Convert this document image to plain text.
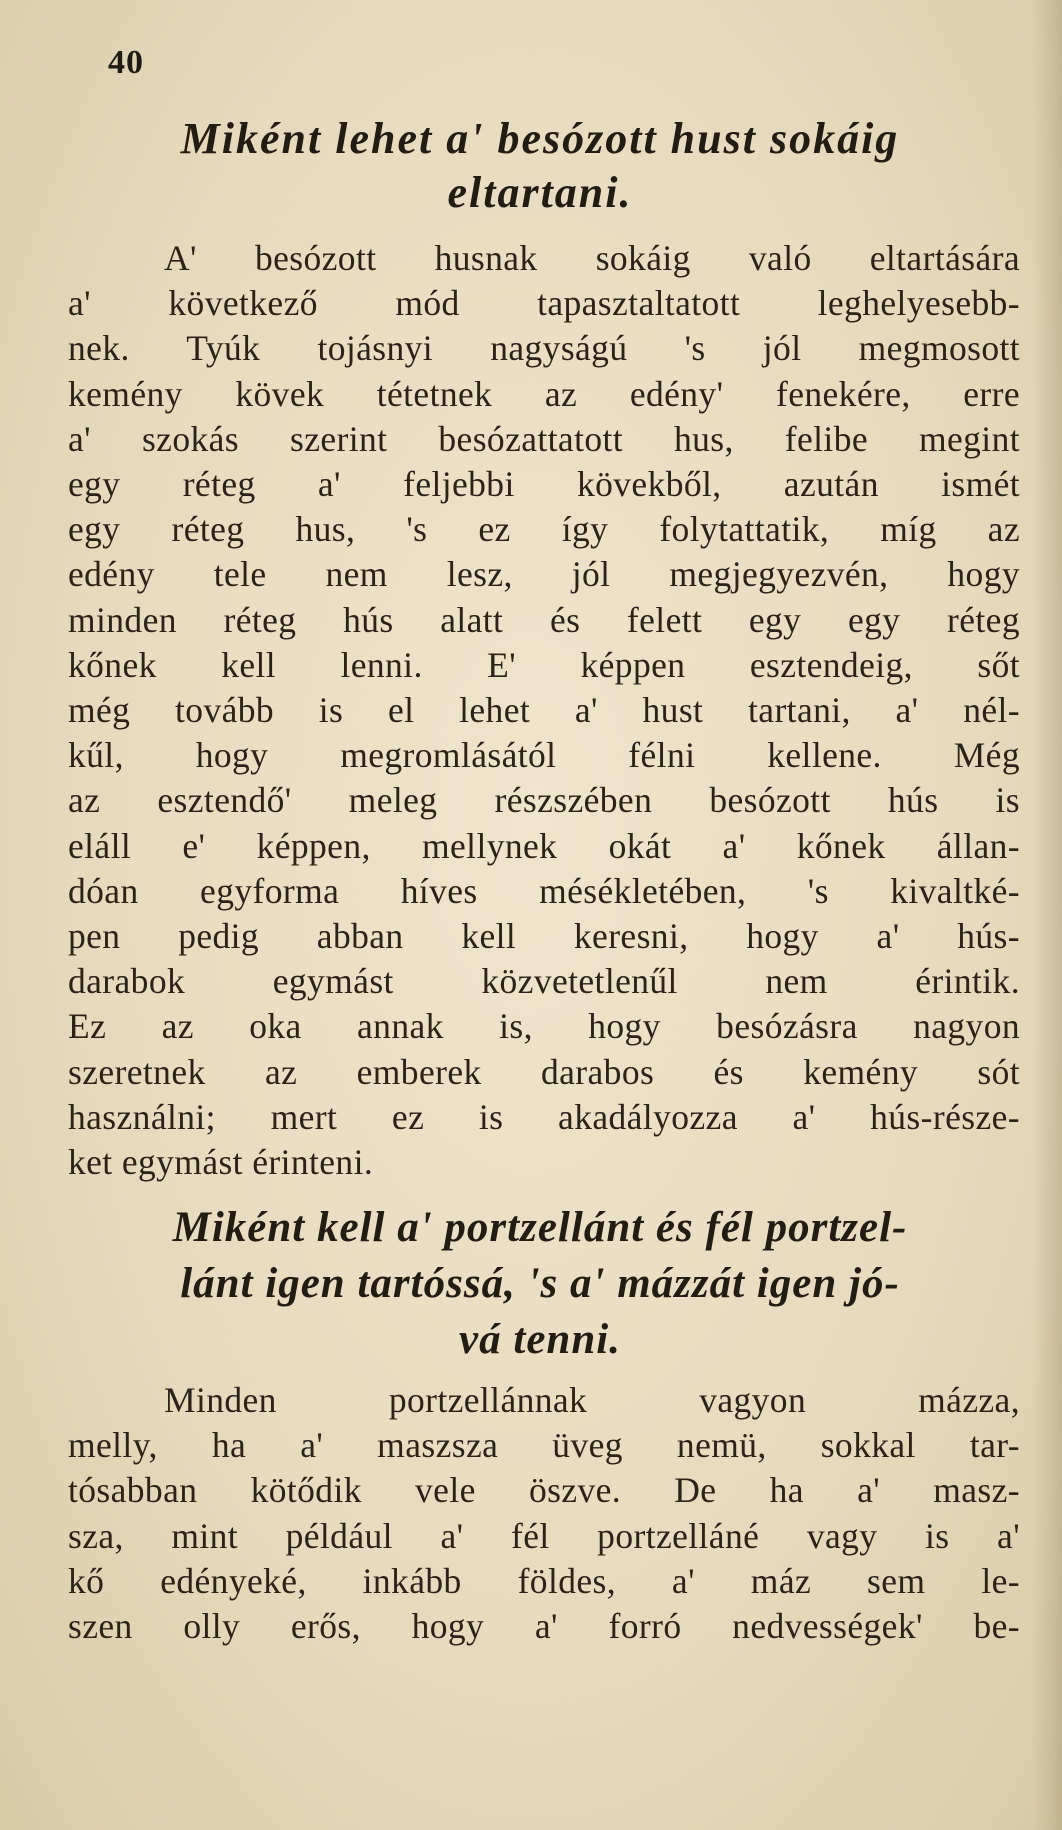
40
Miként lehet a' besózott hust sokáig
eltartani.
A' besózott husnak sokáig való eltartására
a' következő mód tapasztaltatott leghelyesebb-
nek. Tyúk tojásnyi nagyságú 's jól megmosott
kemény kövek tétetnek az edény' fenekére, erre
a' szokás szerint besózattatott hus, felibe megint
egy réteg a' feljebbi kövekből, azután ismét
egy réteg hus, 's ez így folytattatik, míg az
edény tele nem lesz, jól megjegyezvén, hogy
minden réteg hús alatt és felett egy egy réteg
kőnek kell lenni. E' képpen esztendeig, sőt
még tovább is el lehet a' hust tartani, a' nél-
kűl, hogy megromlásától félni kellene. Még
az esztendő' meleg részszében besózott hús is
eláll e' képpen, mellynek okát a' kőnek állan-
dóan egyforma híves mésékletében, 's kivaltké-
pen pedig abban kell keresni, hogy a' hús-
darabok egymást közvetetlenűl nem érintik.
Ez az oka annak is, hogy besózásra nagyon
szeretnek az emberek darabos és kemény sót
használni; mert ez is akadályozza a' hús-része-
ket egymást érinteni.
Miként kell a' portzellánt és fél portzel-
lánt igen tartóssá, 's a' mázzát igen jó-
vá tenni.
Minden portzellánnak vagyon mázza,
melly, ha a' maszsza üveg nemü, sokkal tar-
tósabban kötődik vele öszve. De ha a' masz-
sza, mint például a' fél portzelláné vagy is a'
kő edényeké, inkább földes, a' máz sem le-
szen olly erős, hogy a' forró nedvességek' be-
